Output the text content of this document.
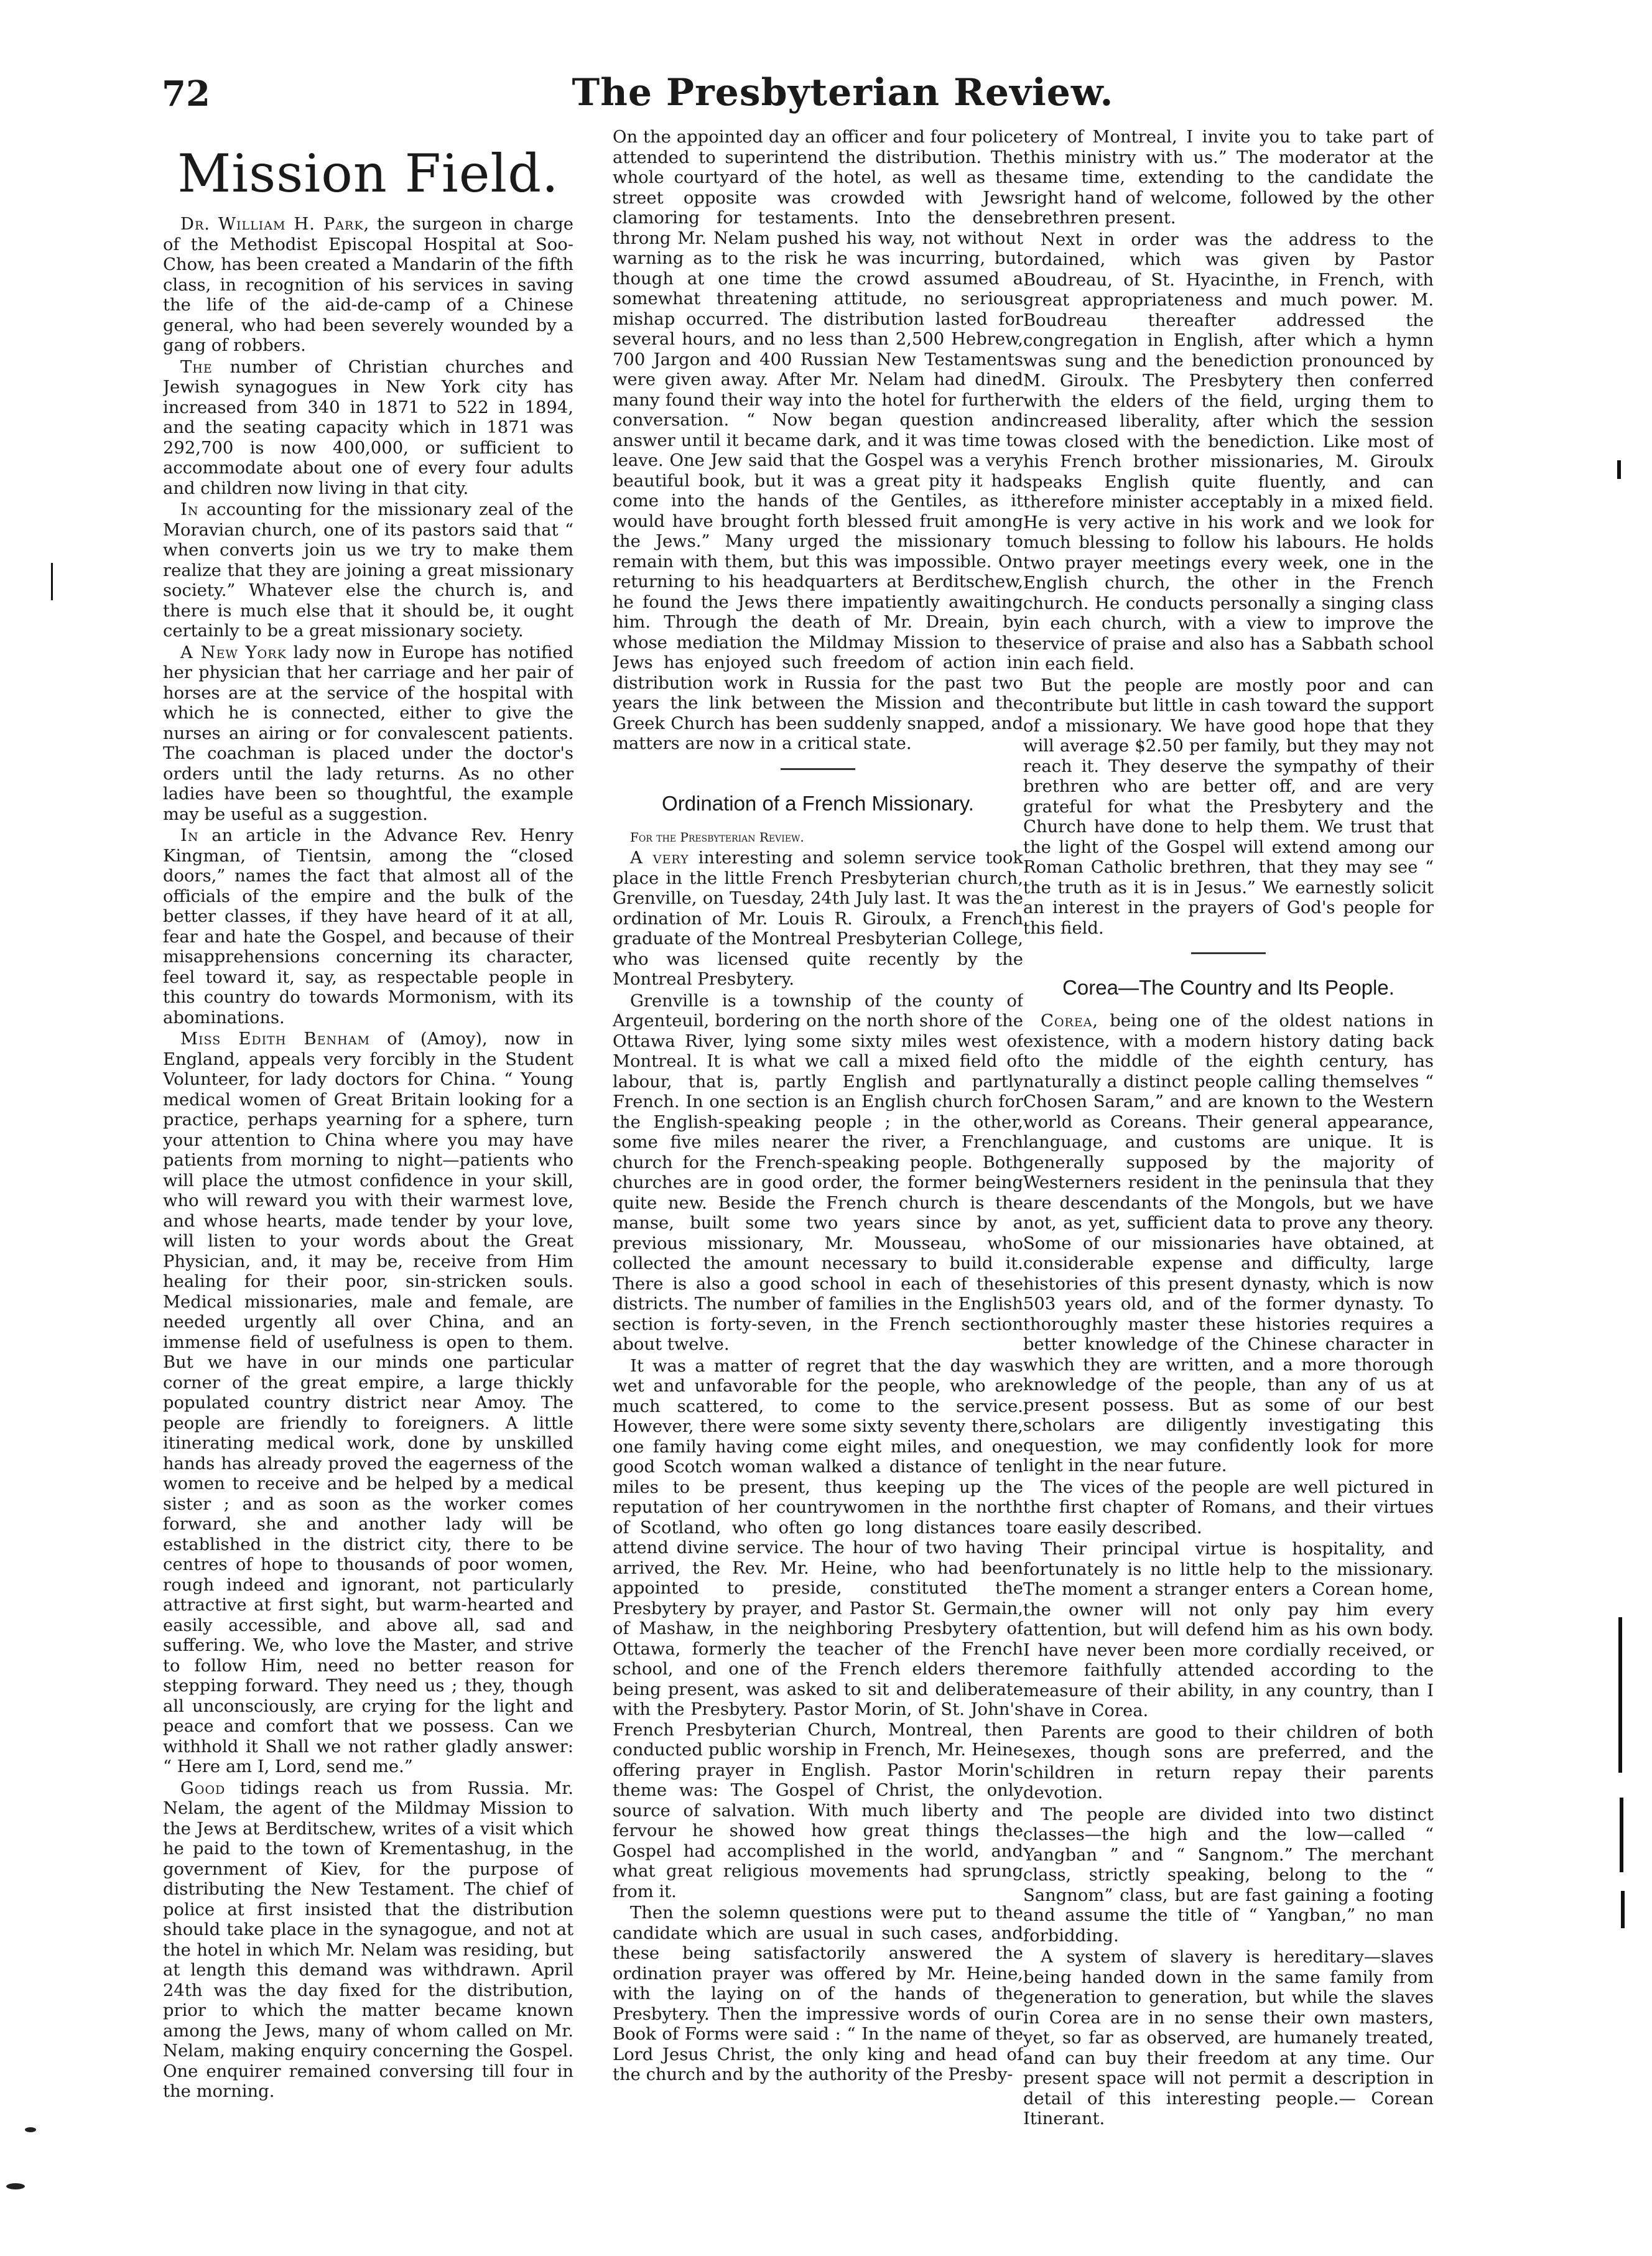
72	The Presbyterian Review.
Mission Field.

Dr. William H. Park, the surgeon in charge of the Methodist Episcopal Hospital at Soo-Chow, has been created a Mandarin of the fifth class, in recognition of his services in saving the life of the aid-de-camp of a Chinese general, who had been severely wounded by a gang of robbers.

The number of Christian churches and Jewish synagogues in New York city has increased from 340 in 1871 to 522 in 1894, and the seating capacity which in 1871 was 292,700 is now 400,000, or sufficient to accommodate about one of every four adults and children now living in that city.

In accounting for the missionary zeal of the Moravian church, one of its pastors said that “ when converts join us we try to make them realize that they are joining a great missionary society.” Whatever else the church is, and there is much else that it should be, it ought certainly to be a great missionary society.

A New York lady now in Europe has notified her physician that her carriage and her pair of horses are at the service of the hospital with which he is connected, either to give the nurses an airing or for convalescent patients. The coachman is placed under the doctor's orders until the lady returns. As no other ladies have been so thoughtful, the example may be useful as a suggestion.

In an article in the Advance Rev. Henry Kingman, of Tientsin, among the “closed doors,” names the fact that almost all of the officials of the empire and the bulk of the better classes, if they have heard of it at all, fear and hate the Gospel, and because of their misapprehensions concerning its character, feel toward it, say, as respectable people in this country do towards Mormonism, with its abominations.

Miss Edith Benham of (Amoy), now in England, appeals very forcibly in the Student Volunteer, for lady doctors for China. “ Young medical women of Great Britain looking for a practice, perhaps yearning for a sphere, turn your attention to China where you may have patients from morning to night—patients who will place the utmost confidence in your skill, who will reward you with their warmest love, and whose hearts, made tender by your love, will listen to your words about the Great Physician, and, it may be, receive from Him healing for their poor, sin-stricken souls. Medical missionaries, male and female, are needed urgently all over China, and an immense field of usefulness is open to them. But we have in our minds one particular corner of the great empire, a large thickly populated country district near Amoy. The people are friendly to foreigners. A little itinerating medical work, done by unskilled hands has already proved the eagerness of the women to receive and be helped by a medical sister ; and as soon as the worker comes forward, she and another lady will be established in the district city, there to be centres of hope to thousands of poor women, rough indeed and ignorant, not particularly attractive at first sight, but warm-hearted and easily accessible, and above all, sad and suffering. We, who love the Master, and strive to follow Him, need no better reason for stepping forward. They need us ; they, though all unconsciously, are crying for the light and peace and comfort that we possess. Can we withhold it Shall we not rather gladly answer: “ Here am I, Lord, send me.”

Good tidings reach us from Russia. Mr. Nelam, the agent of the Mildmay Mission to the Jews at Berditschew, writes of a visit which he paid to the town of Krementashug, in the government of Kiev, for the purpose of distributing the New Testament. The chief of police at first insisted that the distribution should take place in the synagogue, and not at the hotel in which Mr. Nelam was residing, but at length this demand was withdrawn. April 24th was the day fixed for the distribution, prior to which the matter became known among the Jews, many of whom called on Mr. Nelam, making enquiry concerning the Gospel. One enquirer remained conversing till four in the morning.

On the appointed day an officer and four police attended to superintend the distribution. The whole courtyard of the hotel, as well as the street opposite was crowded with Jews clamoring for testaments. Into the dense throng Mr. Nelam pushed his way, not without warning as to the risk he was incurring, but though at one time the crowd assumed a somewhat threatening attitude, no serious mishap occurred. The distribution lasted for several hours, and no less than 2,500 Hebrew, 700 Jargon and 400 Russian New Testaments were given away. After Mr. Nelam had dined many found their way into the hotel for further conversation. “ Now began question and answer until it became dark, and it was time to leave. One Jew said that the Gospel was a very beautiful book, but it was a great pity it had come into the hands of the Gentiles, as it would have brought forth blessed fruit among the Jews.” Many urged the missionary to remain with them, but this was impossible. On returning to his headquarters at Berditschew, he found the Jews there impatiently awaiting him. Through the death of Mr. Dreain, by whose mediation the Mildmay Mission to the Jews has enjoyed such freedom of action in distribution work in Russia for the past two years the link between the Mission and the Greek Church has been suddenly snapped, and matters are now in a critical state.

Ordination of a French Missionary.

For the Presbyterian Review.

A very interesting and solemn service took place in the little French Presbyterian church, Grenville, on Tuesday, 24th July last. It was the ordination of Mr. Louis R. Giroulx, a French graduate of the Montreal Presbyterian College, who was licensed quite recently by the Montreal Presbytery.

Grenville is a township of the county of Argenteuil, bordering on the north shore of the Ottawa River, lying some sixty miles west of Montreal. It is what we call a mixed field of labour, that is, partly English and partly French. In one section is an English church for the English-speaking people ; in the other, some five miles nearer the river, a French church for the French-speaking people. Both churches are in good order, the former being quite new. Beside the French church is the manse, built some two years since by a previous missionary, Mr. Mousseau, who collected the amount necessary to build it. There is also a good school in each of these districts. The number of families in the English section is forty-seven, in the French section about twelve.

It was a matter of regret that the day was wet and unfavorable for the people, who are much scattered, to come to the service. However, there were some sixty seventy there, one family having come eight miles, and one good Scotch woman walked a distance of ten miles to be present, thus keeping up the reputation of her countrywomen in the north of Scotland, who often go long distances to attend divine service. The hour of two having arrived, the Rev. Mr. Heine, who had been appointed to preside, constituted the Presbytery by prayer, and Pastor St. Germain, of Mashaw, in the neighboring Presbytery of Ottawa, formerly the teacher of the French school, and one of the French elders there being present, was asked to sit and deliberate with the Presbytery. Pastor Morin, of St. John's French Presbyterian Church, Montreal, then conducted public worship in French, Mr. Heine offering prayer in English. Pastor Morin's theme was: The Gospel of Christ, the only source of salvation. With much liberty and fervour he showed how great things the Gospel had accomplished in the world, and what great religious movements had sprung from it.

Then the solemn questions were put to the candidate which are usual in such cases, and these being satisfactorily answered the ordination prayer was offered by Mr. Heine, with the laying on of the hands of the Presbytery. Then the impressive words of our Book of Forms were said : “ In the name of the Lord Jesus Christ, the only king and head of the church and by the authority of the Presby-

tery of Montreal, I invite you to take part of this ministry with us.” The moderator at the same time, extending to the candidate the right hand of welcome, followed by the other brethren present.

Next in order was the address to the ordained, which was given by Pastor Boudreau, of St. Hyacinthe, in French, with great appropriateness and much power. M. Boudreau thereafter addressed the congregation in English, after which a hymn was sung and the benediction pronounced by M. Giroulx. The Presbytery then conferred with the elders of the field, urging them to increased liberality, after which the session was closed with the benediction. Like most of his French brother missionaries, M. Giroulx speaks English quite fluently, and can therefore minister acceptably in a mixed field. He is very active in his work and we look for much blessing to follow his labours. He holds two prayer meetings every week, one in the English church, the other in the French church. He conducts personally a singing class in each church, with a view to improve the service of praise and also has a Sabbath school in each field.

But the people are mostly poor and can contribute but little in cash toward the support of a missionary. We have good hope that they will average $2.50 per family, but they may not reach it. They deserve the sympathy of their brethren who are better off, and are very grateful for what the Presbytery and the Church have done to help them. We trust that the light of the Gospel will extend among our Roman Catholic brethren, that they may see “ the truth as it is in Jesus.” We earnestly solicit an interest in the prayers of God's people for this field.

Corea—The Country and Its People.

Corea, being one of the oldest nations in existence, with a modern history dating back to the middle of the eighth century, has naturally a distinct people calling themselves “ Chosen Saram,” and are known to the Western world as Coreans. Their general appearance, language, and customs are unique. It is generally supposed by the majority of Westerners resident in the peninsula that they are descendants of the Mongols, but we have not, as yet, sufficient data to prove any theory. Some of our missionaries have obtained, at considerable expense and difficulty, large histories of this present dynasty, which is now 503 years old, and of the former dynasty. To thoroughly master these histories requires a better knowledge of the Chinese character in which they are written, and a more thorough knowledge of the people, than any of us at present possess. But as some of our best scholars are diligently investigating this question, we may confidently look for more light in the near future.

The vices of the people are well pictured in the first chapter of Romans, and their virtues are easily described.

Their principal virtue is hospitality, and fortunately is no little help to the missionary. The moment a stranger enters a Corean home, the owner will not only pay him every attention, but will defend him as his own body. I have never been more cordially received, or more faithfully attended according to the measure of their ability, in any country, than I have in Corea.

Parents are good to their children of both sexes, though sons are preferred, and the children in return repay their parents devotion.

The people are divided into two distinct classes—the high and the low—called “ Yangban ” and “ Sangnom.” The merchant class, strictly speaking, belong to the “ Sangnom” class, but are fast gaining a footing and assume the title of “ Yangban,” no man forbidding.

A system of slavery is hereditary—slaves being handed down in the same family from generation to generation, but while the slaves in Corea are in no sense their own masters, yet, so far as observed, are humanely treated, and can buy their freedom at any time. Our present space will not permit a description in detail of this interesting people.— Corean Itinerant.
